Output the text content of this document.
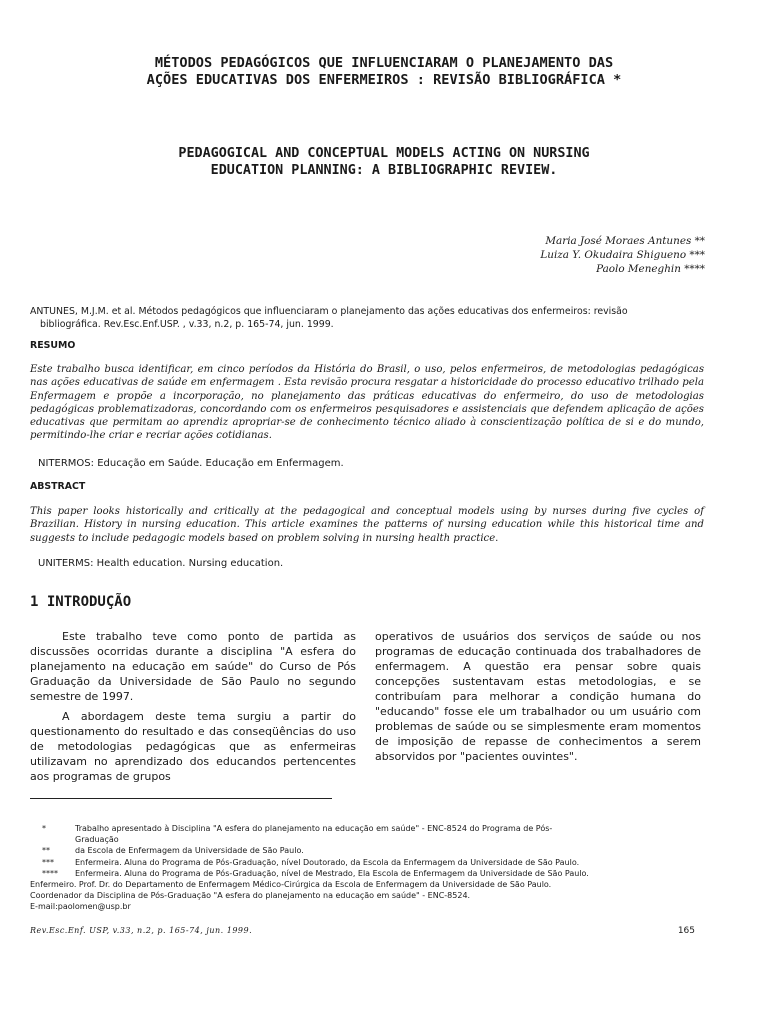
MÉTODOS PEDAGÓGICOS QUE INFLUENCIARAM O PLANEJAMENTO DAS
AÇÕES EDUCATIVAS DOS ENFERMEIROS : REVISÃO BIBLIOGRÁFICA *
PEDAGOGICAL AND CONCEPTUAL MODELS ACTING ON NURSING
EDUCATION PLANNING: A BIBLIOGRAPHIC REVIEW.
Maria José Moraes Antunes **
Luiza Y. Okudaira Shigueno ***
Paolo Meneghin ****
ANTUNES, M.J.M. et al. Métodos pedagógicos que influenciaram o planejamento das ações educativas dos enfermeiros: revisão
bibliográfica. Rev.Esc.Enf.USP. , v.33, n.2, p. 165-74, jun. 1999.
RESUMO
Este trabalho busca identificar, em cinco períodos da História do Brasil, o uso, pelos enfermeiros, de metodologias pedagógicas nas ações educativas de saúde em enfermagem . Esta revisão procura resgatar a historicidade do processo educativo trilhado pela Enfermagem e propõe a incorporação, no planejamento das práticas educativas do enfermeiro, do uso de metodologias pedagógicas problematizadoras, concordando com os enfermeiros pesquisadores e assistenciais que defendem aplicação de ações educativas que permitam ao aprendiz apropriar-se de conhecimento técnico aliado à conscientização política de si e do mundo, permitindo-lhe criar e recriar ações cotidianas.
NITERMOS: Educação em Saúde. Educação em Enfermagem.
ABSTRACT
This paper looks historically and critically at the pedagogical and conceptual models using by nurses during five cycles of Brazilian. History in nursing education. This article examines the patterns of nursing education while this historical time and suggests to include pedagogic models based on problem solving in nursing health practice.
UNITERMS: Health education. Nursing education.
1 INTRODUÇÃO

Este trabalho teve como ponto de partida as discussões ocorridas durante a disciplina "A esfera do planejamento na educação em saúde" do Curso de Pós Graduação da Universidade de São Paulo no segundo semestre de 1997.

A abordagem deste tema surgiu a partir do questionamento do resultado e das conseqüências do uso de metodologias pedagógicas que as enfermeiras utilizavam no aprendizado dos educandos pertencentes aos programas de grupos

operativos de usuários dos serviços de saúde ou nos programas de educação continuada dos trabalhadores de enfermagem. A questão era pensar sobre quais concepções sustentavam estas metodologias, e se contribuíam para melhorar a condição humana do "educando" fosse ele um trabalhador ou um usuário com problemas de saúde ou se simplesmente eram momentos de imposição de repasse de conhecimentos a serem absorvidos por "pacientes ouvintes".

*	Trabalho apresentado à Disciplina "A esfera do planejamento na educação em saúde" - ENC-8524 do Programa de Pós-
Graduação
**	da Escola de Enfermagem da Universidade de São Paulo.
***	Enfermeira. Aluna do Programa de Pós-Graduação, nível Doutorado, da Escola da Enfermagem da Universidade de São Paulo.
****	Enfermeira. Aluna do Programa de Pós-Graduação, nível de Mestrado, Ela Escola de Enfermagem da Universidade de São Paulo.
Enfermeiro. Prof. Dr. do Departamento de Enfermagem Médico-Cirúrgica da Escola de Enfermagem da Universidade de São Paulo.
Coordenador da Disciplina de Pós-Graduação "A esfera do planejamento na educação em saúde" - ENC-8524.
E-mail:paolomen@usp.br
Rev.Esc.Enf. USP, v.33, n.2, p. 165-74, jun. 1999.	165
